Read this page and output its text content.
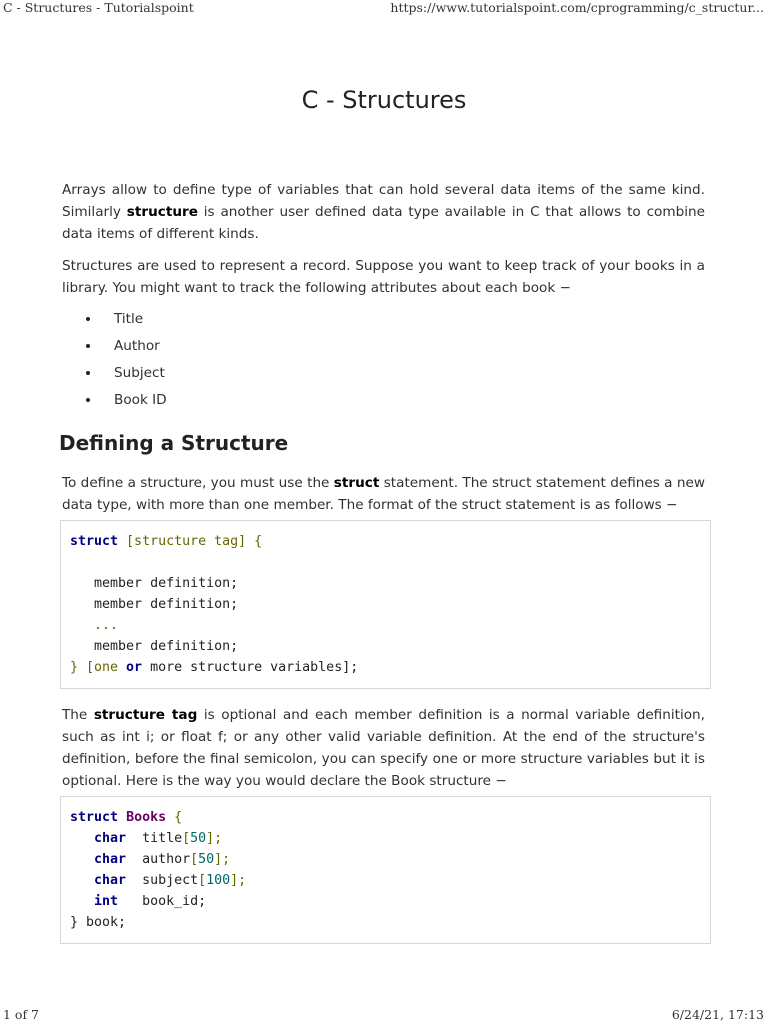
C - Structures - Tutorialspoint	https://www.tutorialspoint.com/cprogramming/c_structur...
C - Structures

Arrays allow to define type of variables that can hold several data items of the same kind. Similarly structure is another user defined data type available in C that allows to combine data items of different kinds.

Structures are used to represent a record. Suppose you want to keep track of your books in a library. You might want to track the following attributes about each book −

Title
Author
Subject
Book ID
Defining a Structure

To define a structure, you must use the struct statement. The struct statement defines a new data type, with more than one member. The format of the struct statement is as follows −

struct [structure tag] {

member definition;
member definition;
...
member definition;
} [one or more structure variables];

The structure tag is optional and each member definition is a normal variable definition, such as int i; or float f; or any other valid variable definition. At the end of the structure's definition, before the final semicolon, you can specify one or more structure variables but it is optional. Here is the way you would declare the Book structure −

struct Books {
char title[50];
char author[50];
char subject[100];
int book_id;
} book;
1 of 7	6/24/21, 17:13
